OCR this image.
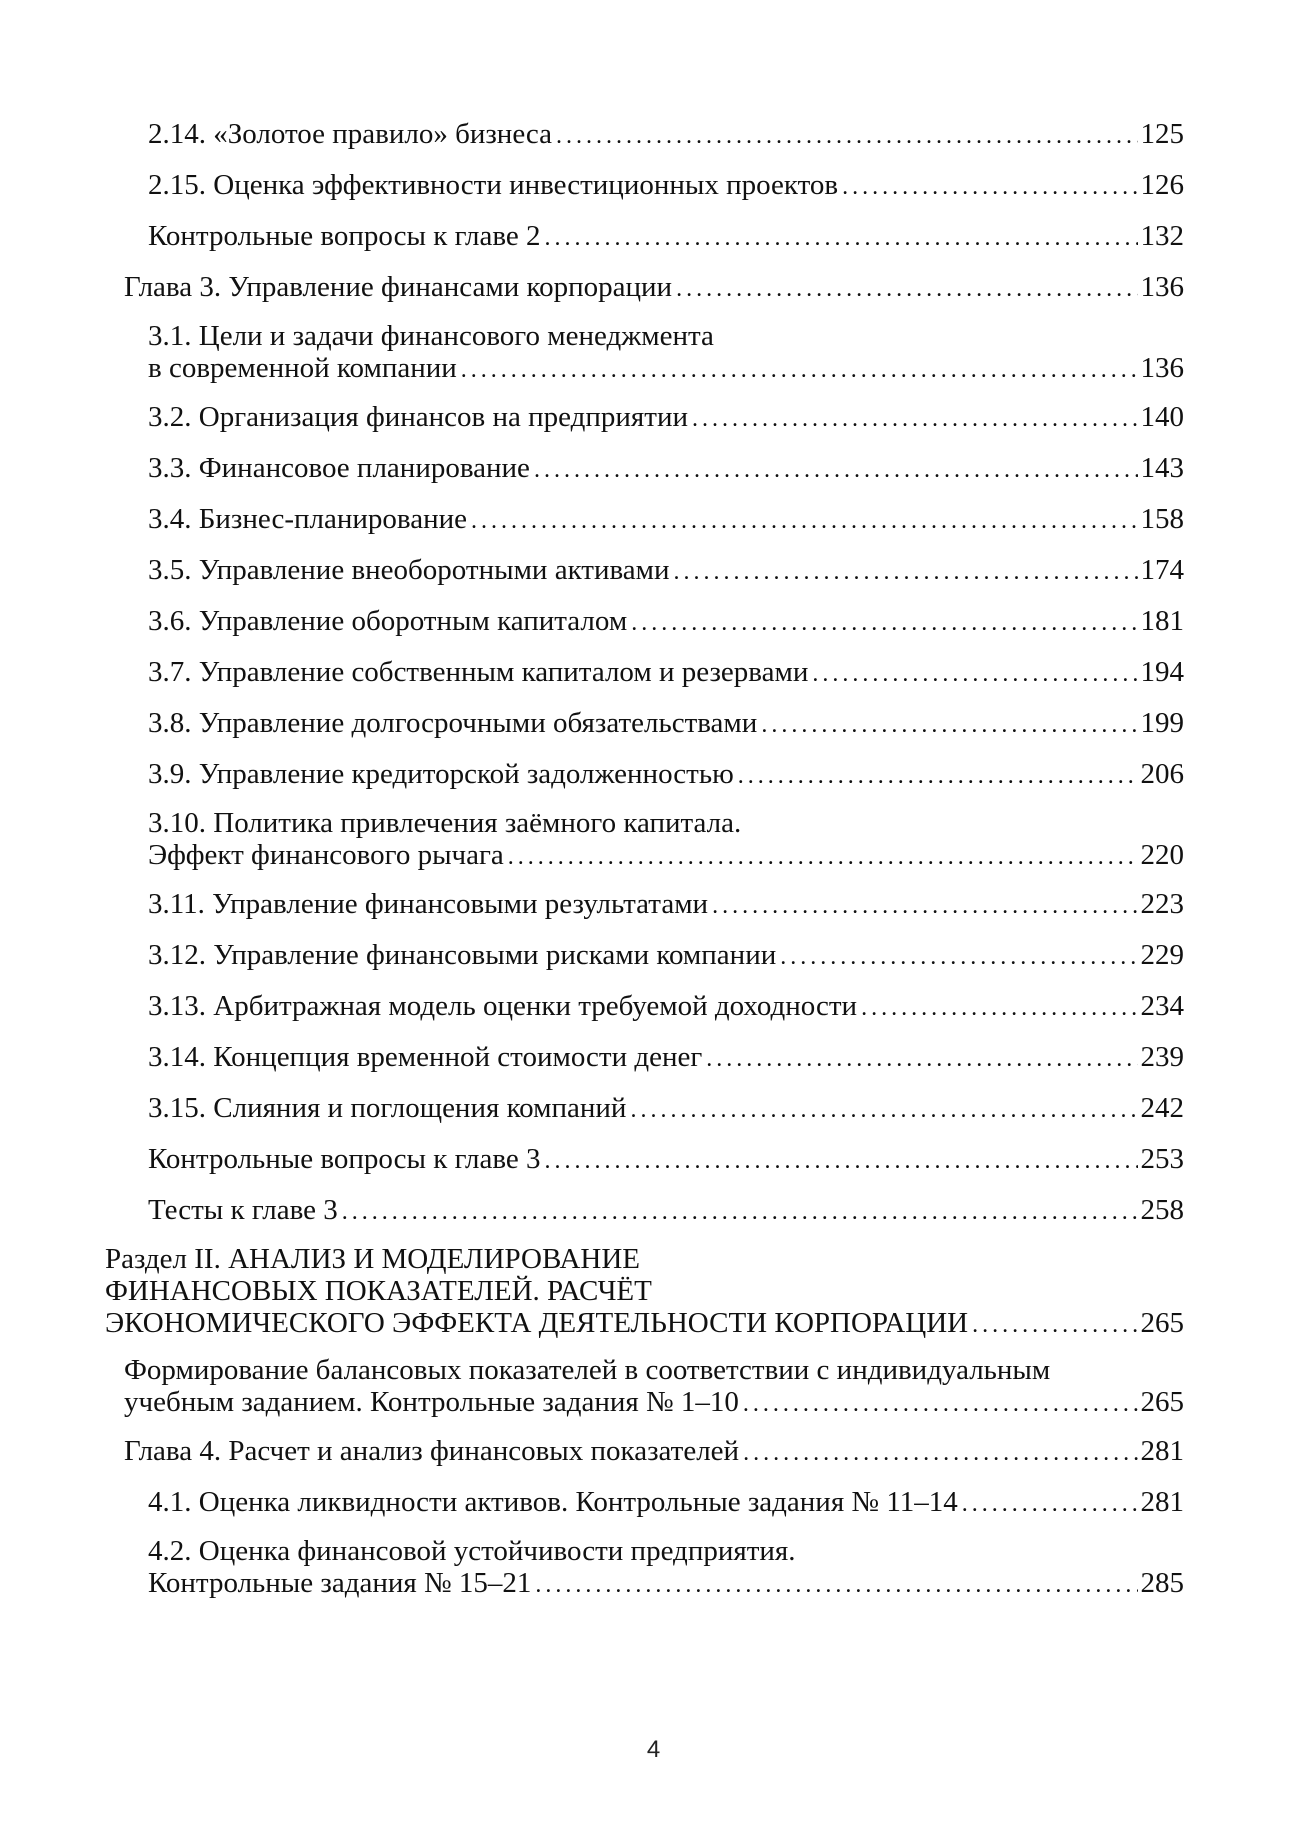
2.14. «Золотое правило» бизнеса . . .	125
2.15. Оценка эффективности инвестиционных проектов . . .	126
Контрольные вопросы к главе 2 . . .	132
Глава 3. Управление финансами корпорации . . .	136
3.1. Цели и задачи финансового менеджмента
в современной компании . . .	136
3.2. Организация финансов на предприятии . . .	140
3.3. Финансовое планирование . . .	143
3.4. Бизнес-планирование . . .	158
3.5. Управление внеоборотными активами . . .	174
3.6. Управление оборотным капиталом . . .	181
3.7. Управление собственным капиталом и резервами . . .	194
3.8. Управление долгосрочными обязательствами . . .	199
3.9. Управление кредиторской задолженностью . . .	206
3.10. Политика привлечения заёмного капитала.
Эффект финансового рычага . . .	220
3.11. Управление финансовыми результатами . . .	223
3.12. Управление финансовыми рисками компании . . .	229
3.13. Арбитражная модель оценки требуемой доходности . . .	234
3.14. Концепция временной стоимости денег . . .	239
3.15. Слияния и поглощения компаний . . .	242
Контрольные вопросы к главе 3 . . .	253
Тесты к главе 3 . . .	258
Раздел II. АНАЛИЗ И МОДЕЛИРОВАНИЕ
ФИНАНСОВЫХ ПОКАЗАТЕЛЕЙ. РАСЧЁТ
ЭКОНОМИЧЕСКОГО ЭФФЕКТА ДЕЯТЕЛЬНОСТИ КОРПОРАЦИИ . . .	265
Формирование балансовых показателей в соответствии с индивидуальным
учебным заданием. Контрольные задания № 1–10 . . .	265
Глава 4. Расчет и анализ финансовых показателей . . .	281
4.1. Оценка ликвидности активов. Контрольные задания № 11–14 . . .	281
4.2. Оценка финансовой устойчивости предприятия.
Контрольные задания № 15–21 . . .	285
4
